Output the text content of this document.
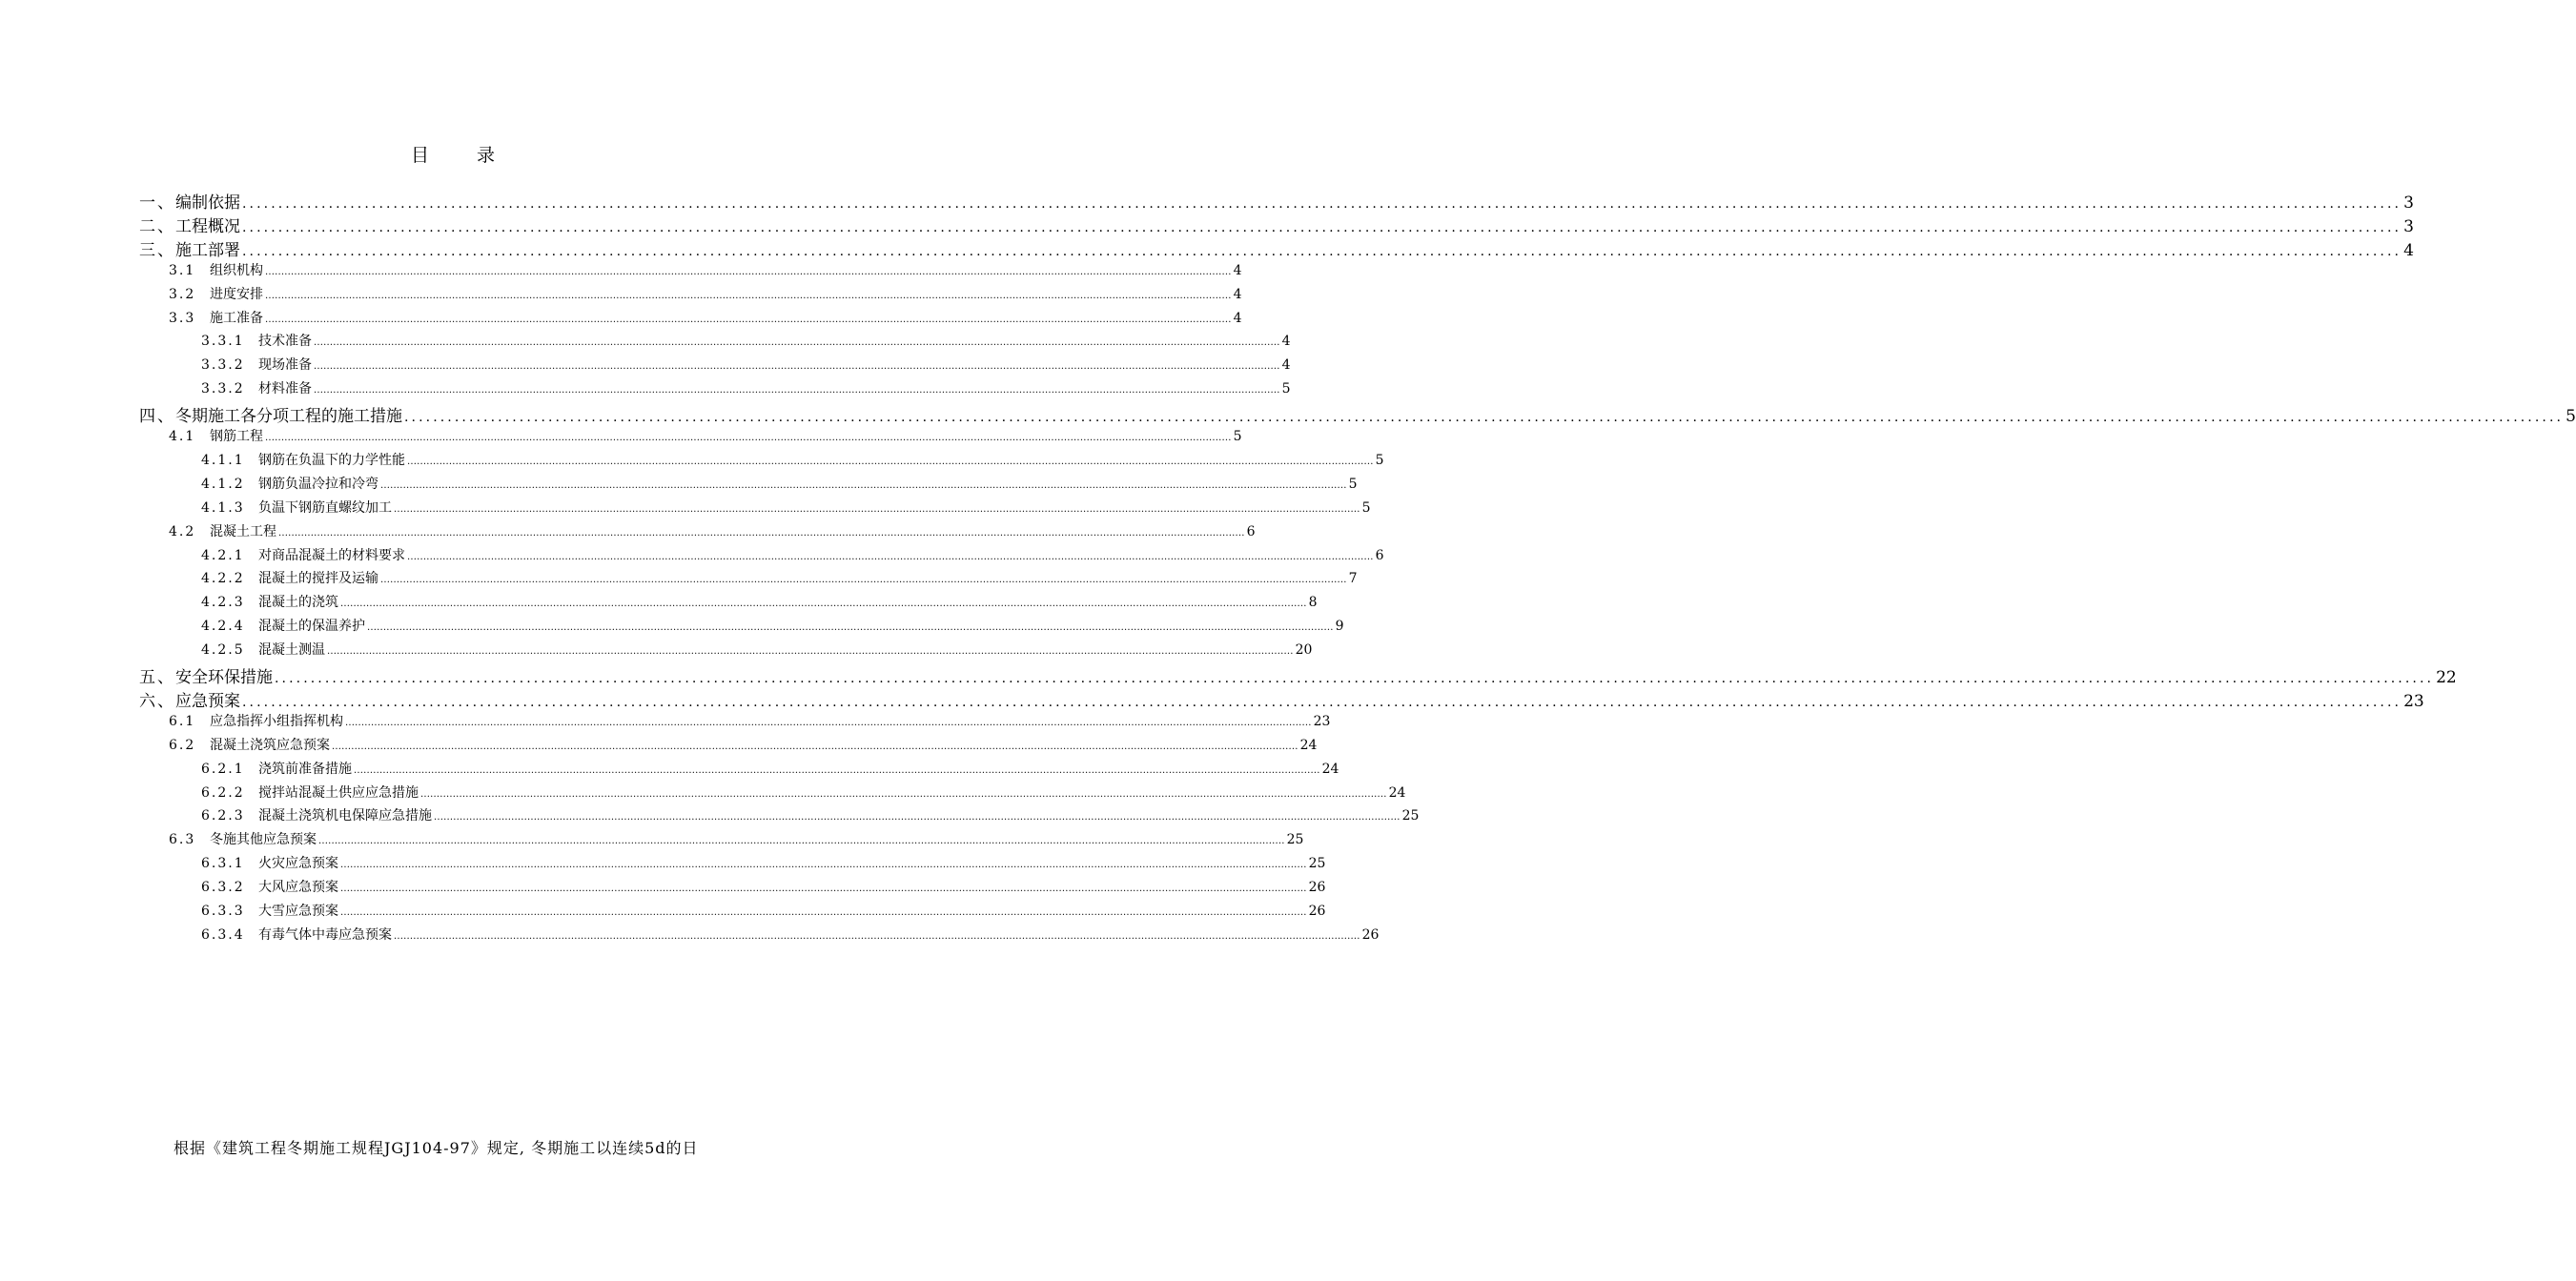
目 录
一、编制依据 ............................................................................................................................................................................................................................................................................................................ 3
二、工程概况 ............................................................................................................................................................................................................................................................................................................ 3
三、施工部署 ............................................................................................................................................................................................................................................................................................................ 4
3.1 组织机构 ............................................................................................................................................................................................................................................................................................................ 4
3.2 进度安排 ............................................................................................................................................................................................................................................................................................................ 4
3.3 施工准备 ............................................................................................................................................................................................................................................................................................................ 4
3.3.1 技术准备 ............................................................................................................................................................................................................................................................................................................ 4
3.3.2 现场准备 ............................................................................................................................................................................................................................................................................................................ 4
3.3.2 材料准备 ............................................................................................................................................................................................................................................................................................................ 5
四、冬期施工各分项工程的施工措施 ............................................................................................................................................................................................................................................................................................................ 5
4.1 钢筋工程 ............................................................................................................................................................................................................................................................................................................ 5
4.1.1 钢筋在负温下的力学性能 ............................................................................................................................................................................................................................................................................................................ 5
4.1.2 钢筋负温冷拉和冷弯 ............................................................................................................................................................................................................................................................................................................ 5
4.1.3 负温下钢筋直螺纹加工 ............................................................................................................................................................................................................................................................................................................ 5
4.2 混凝土工程 ............................................................................................................................................................................................................................................................................................................ 6
4.2.1 对商品混凝土的材料要求 ............................................................................................................................................................................................................................................................................................................ 6
4.2.2 混凝土的搅拌及运输 ............................................................................................................................................................................................................................................................................................................ 7
4.2.3 混凝土的浇筑 ............................................................................................................................................................................................................................................................................................................ 8
4.2.4 混凝土的保温养护 ............................................................................................................................................................................................................................................................................................................ 9
4.2.5 混凝土测温 ............................................................................................................................................................................................................................................................................................................ 20
五、安全环保措施 ............................................................................................................................................................................................................................................................................................................ 22
六、应急预案 ............................................................................................................................................................................................................................................................................................................ 23
6.1 应急指挥小组指挥机构 ............................................................................................................................................................................................................................................................................................................ 23
6.2 混凝土浇筑应急预案 ............................................................................................................................................................................................................................................................................................................ 24
6.2.1 浇筑前准备措施 ............................................................................................................................................................................................................................................................................................................ 24
6.2.2 搅拌站混凝土供应应急措施 ............................................................................................................................................................................................................................................................................................................ 24
6.2.3 混凝土浇筑机电保障应急措施 ............................................................................................................................................................................................................................................................................................................ 25
6.3 冬施其他应急预案 ............................................................................................................................................................................................................................................................................................................ 25
6.3.1 火灾应急预案 ............................................................................................................................................................................................................................................................................................................ 25
6.3.2 大风应急预案 ............................................................................................................................................................................................................................................................................................................ 26
6.3.3 大雪应急预案 ............................................................................................................................................................................................................................................................................................................ 26
6.3.4 有毒气体中毒应急预案 ............................................................................................................................................................................................................................................................................................................ 26
根据《建筑工程冬期施工规程JGJ104-97》规定, 冬期施工以连续5d的日
